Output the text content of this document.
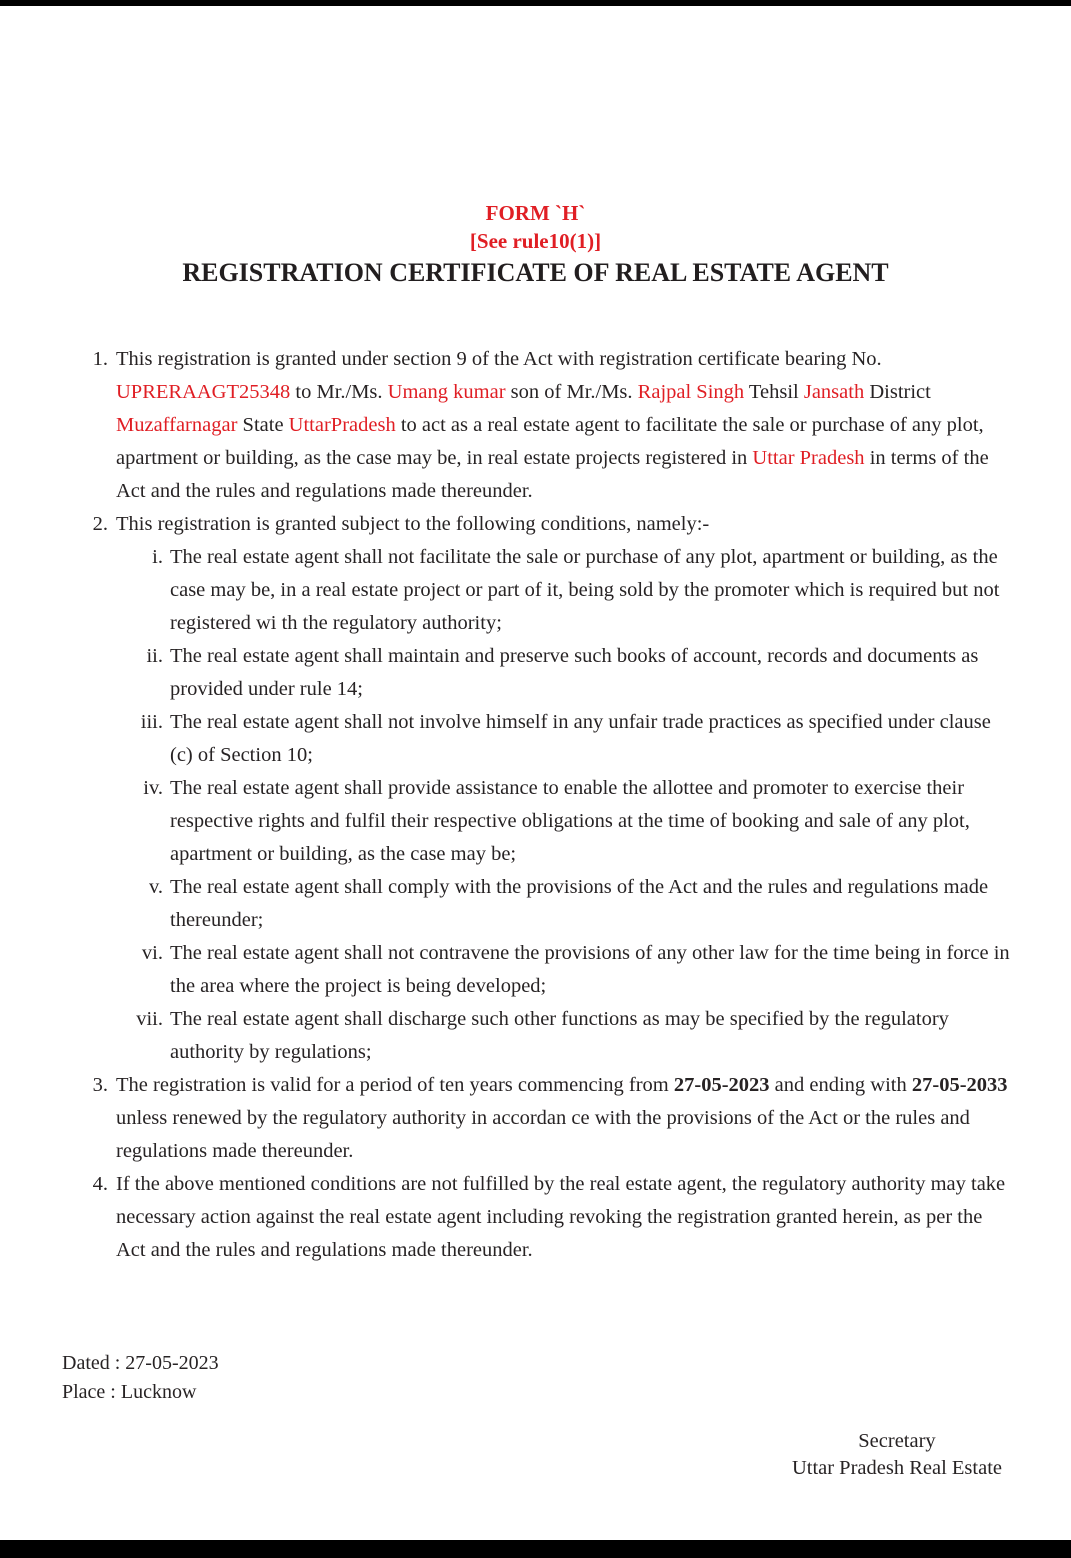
FORM `H`
[See rule10(1)]
REGISTRATION CERTIFICATE OF REAL ESTATE AGENT
1. This registration is granted under section 9 of the Act with registration certificate bearing No. UPRERAAGT25348 to Mr./Ms. Umang kumar son of Mr./Ms. Rajpal Singh Tehsil Jansath District Muzaffarnagar State UttarPradesh to act as a real estate agent to facilitate the sale or purchase of any plot, apartment or building, as the case may be, in real estate projects registered in Uttar Pradesh in terms of the Act and the rules and regulations made thereunder.
2. This registration is granted subject to the following conditions, namely:-
i. The real estate agent shall not facilitate the sale or purchase of any plot, apartment or building, as the case may be, in a real estate project or part of it, being sold by the promoter which is required but not registered wi th the regulatory authority;
ii. The real estate agent shall maintain and preserve such books of account, records and documents as provided under rule 14;
iii. The real estate agent shall not involve himself in any unfair trade practices as specified under clause (c) of Section 10;
iv. The real estate agent shall provide assistance to enable the allottee and promoter to exercise their respective rights and fulfil their respective obligations at the time of booking and sale of any plot, apartment or building, as the case may be;
v. The real estate agent shall comply with the provisions of the Act and the rules and regulations made thereunder;
vi. The real estate agent shall not contravene the provisions of any other law for the time being in force in the area where the project is being developed;
vii. The real estate agent shall discharge such other functions as may be specified by the regulatory authority by regulations;
3. The registration is valid for a period of ten years commencing from 27-05-2023 and ending with 27-05-2033 unless renewed by the regulatory authority in accordan ce with the provisions of the Act or the rules and regulations made thereunder.
4. If the above mentioned conditions are not fulfilled by the real estate agent, the regulatory authority may take necessary action against the real estate agent including revoking the registration granted herein, as per the Act and the rules and regulations made thereunder.
Dated : 27-05-2023
Place : Lucknow
Secretary
Uttar Pradesh Real Estate
